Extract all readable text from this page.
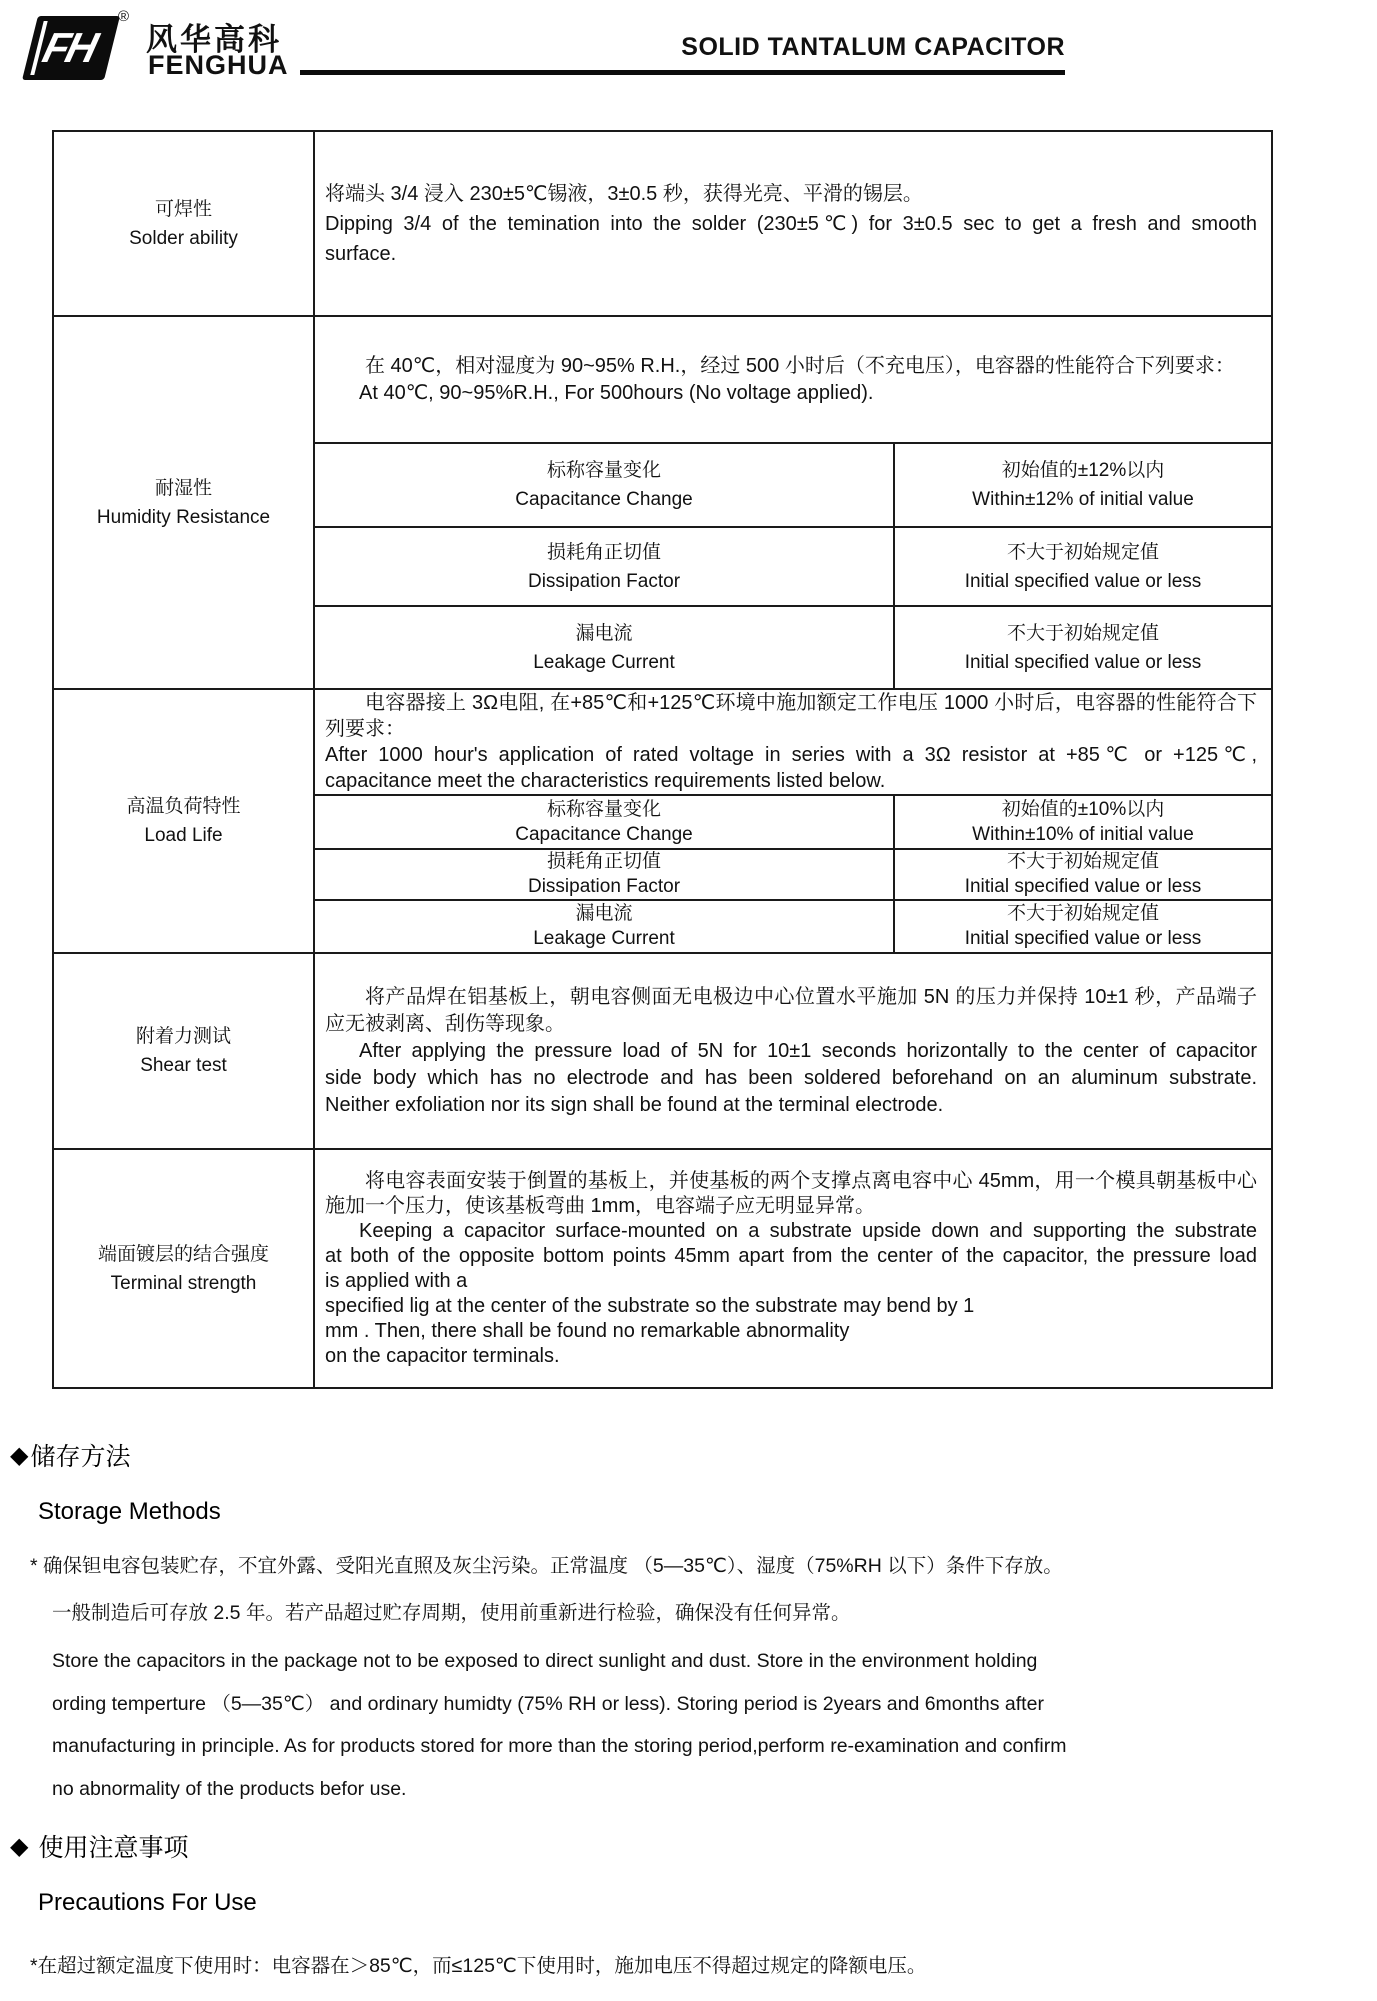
FH
®
风华高科
FENGHUA
SOLID TANTALUM CAPACITOR
可焊性
Solder ability
将端头 3/4 浸入 230±5℃锡液，3±0.5 秒，获得光亮、平滑的锡层。
Dipping 3/4 of the temination into the solder (230±5℃) for 3±0.5 sec to get a fresh and smooth
surface.
耐湿性
Humidity Resistance
在 40℃，相对湿度为 90~95% R.H.，经过 500 小时后（不充电压），电容器的性能符合下列要求：
At 40℃, 90~95%R.H., For 500hours (No voltage applied).
标称容量变化
Capacitance Change
初始值的±12%以内
Within±12% of initial value
损耗角正切值
Dissipation Factor
不大于初始规定值
Initial specified value or less
漏电流
Leakage Current
不大于初始规定值
Initial specified value or less
高温负荷特性
Load Life
电容器接上 3Ω电阻, 在+85℃和+125℃环境中施加额定工作电压 1000 小时后，电容器的性能符合下列要求：
After 1000 hour's application of rated voltage in series with a 3Ω resistor at +85℃ or +125℃,
capacitance meet the characteristics requirements listed below.
标称容量变化
Capacitance Change
初始值的±10%以内
Within±10% of initial value
损耗角正切值
Dissipation Factor
不大于初始规定值
Initial specified value or less
漏电流
Leakage Current
不大于初始规定值
Initial specified value or less
附着力测试
Shear test
将产品焊在铝基板上，朝电容侧面无电极边中心位置水平施加 5N 的压力并保持 10±1 秒，产品端子应无被剥离、刮伤等现象。
After applying the pressure load of 5N for 10±1 seconds horizontally to the center of capacitor
side body which has no electrode and has been soldered beforehand on an aluminum substrate.
Neither exfoliation nor its sign shall be found at the terminal electrode.
端面镀层的结合强度
Terminal strength
将电容表面安装于倒置的基板上，并使基板的两个支撑点离电容中心 45mm，用一个模具朝基板中心施加一个压力，使该基板弯曲 1mm，电容端子应无明显异常。
Keeping a capacitor surface-mounted on a substrate upside down and supporting the substrate
at both of the opposite bottom points 45mm apart from the center of the capacitor, the pressure load
is applied with a
specified lig at the center of the substrate so the substrate may bend by 1
mm . Then, there shall be found no remarkable abnormality
on the capacitor terminals.
◆ 储存方法
Storage Methods
* 确保钽电容包装贮存，不宜外露、受阳光直照及灰尘污染。正常温度 （5—35℃）、湿度（75%RH 以下）条件下存放。
一般制造后可存放 2.5 年。若产品超过贮存周期，使用前重新进行检验，确保没有任何异常。
Store the capacitors in the package not to be exposed to direct sunlight and dust. Store in the environment holding
ording temperture （5—35℃） and ordinary humidty (75% RH or less). Storing period is 2years and 6months after
manufacturing in principle. As for products stored for more than the storing period,perform re-examination and confirm
no abnormality of the products befor use.
◆ 使用注意事项
Precautions For Use
*在超过额定温度下使用时：电容器在＞85℃，而≤125℃下使用时，施加电压不得超过规定的降额电压。
